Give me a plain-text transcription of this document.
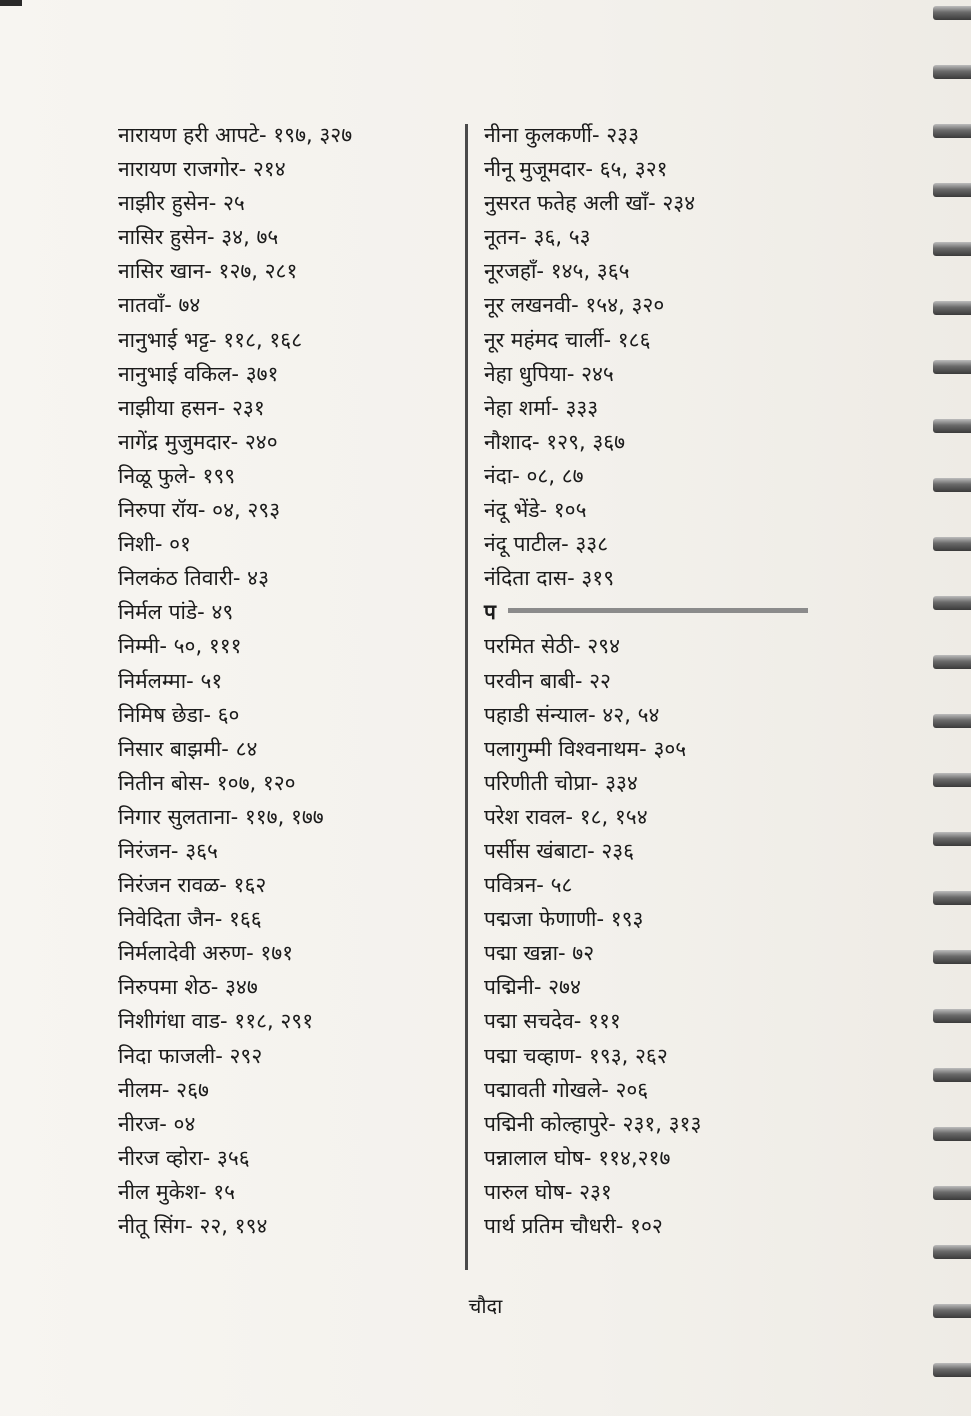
नारायण हरी आपटे- १९७, ३२७
नारायण राजगोर- २१४
नाझीर हुसेन- २५
नासिर हुसेन- ३४, ७५
नासिर खान- १२७, २८१
नातवाँ- ७४
नानुभाई भट्ट- ११८, १६८
नानुभाई वकिल- ३७१
नाझीया हसन- २३१
नागेंद्र मुजुमदार- २४०
निळू फुले- १९९
निरुपा रॉय- ०४, २९३
निशी- ०१
निलकंठ तिवारी- ४३
निर्मल पांडे- ४९
निम्मी- ५०, १११
निर्मलम्मा- ५१
निमिष छेडा- ६०
निसार बाझमी- ८४
नितीन बोस- १०७, १२०
निगार सुलताना- ११७, १७७
निरंजन- ३६५
निरंजन रावळ- १६२
निवेदिता जैन- १६६
निर्मलादेवी अरुण- १७१
निरुपमा शेठ- ३४७
निशीगंधा वाड- ११८, २९१
निदा फाजली- २९२
नीलम- २६७
नीरज- ०४
नीरज व्होरा- ३५६
नील मुकेश- १५
नीतू सिंग- २२, १९४
नीना कुलकर्णी- २३३
नीनू मुजूमदार- ६५, ३२१
नुसरत फतेह अली खाँ- २३४
नूतन- ३६, ५३
नूरजहाँ- १४५, ३६५
नूर लखनवी- १५४, ३२०
नूर महंमद चार्ली- १८६
नेहा धुपिया- २४५
नेहा शर्मा- ३३३
नौशाद- १२९, ३६७
नंदा- ०८, ८७
नंदू भेंडे- १०५
नंदू पाटील- ३३८
नंदिता दास- ३१९
प
परमित सेठी- २९४
परवीन बाबी- २२
पहाडी संन्याल- ४२, ५४
पलागुम्मी विश्वनाथम- ३०५
परिणीती चोप्रा- ३३४
परेश रावल- १८, १५४
पर्सीस खंबाटा- २३६
पवित्रन- ५८
पद्मजा फेणाणी- १९३
पद्मा खन्ना- ७२
पद्मिनी- २७४
पद्मा सचदेव- १११
पद्मा चव्हाण- १९३, २६२
पद्मावती गोखले- २०६
पद्मिनी कोल्हापुरे- २३१, ३१३
पन्नालाल घोष- ११४,२१७
पारुल घोष- २३१
पार्थ प्रतिम चौधरी- १०२
चौदा
